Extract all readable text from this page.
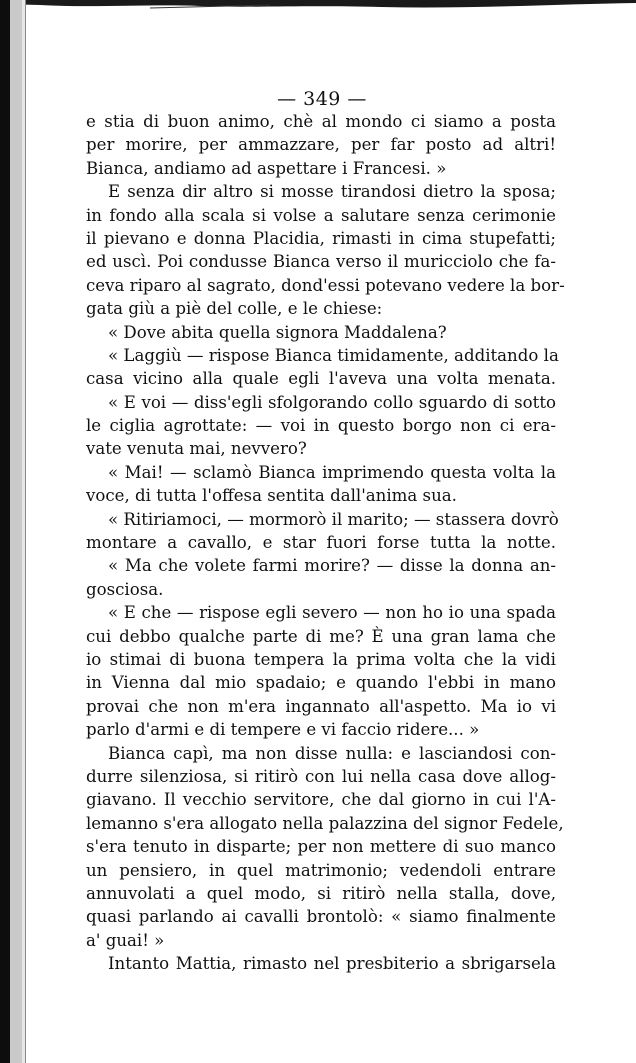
— 349 —
e stia di buon animo, chè al mondo ci siamo a posta
per morire, per ammazzare, per far posto ad altri!
Bianca, andiamo ad aspettare i Francesi. »
E senza dir altro si mosse tirandosi dietro la sposa;
in fondo alla scala si volse a salutare senza cerimonie
il pievano e donna Placidia, rimasti in cima stupefatti;
ed uscì. Poi condusse Bianca verso il muricciolo che fa-
ceva riparo al sagrato, dond'essi potevano vedere la bor-
gata giù a piè del colle, e le chiese:
« Dove abita quella signora Maddalena?
« Laggiù — rispose Bianca timidamente, additando la
casa vicino alla quale egli l'aveva una volta menata.
« E voi — diss'egli sfolgorando collo sguardo di sotto
le ciglia agrottate: — voi in questo borgo non ci era-
vate venuta mai, nevvero?
« Mai! — sclamò Bianca imprimendo questa volta la
voce, di tutta l'offesa sentita dall'anima sua.
« Ritiriamoci, — mormorò il marito; — stassera dovrò
montare a cavallo, e star fuori forse tutta la notte.
« Ma che volete farmi morire? — disse la donna an-
gosciosa.
« E che — rispose egli severo — non ho io una spada
cui debbo qualche parte di me? È una gran lama che
io stimai di buona tempera la prima volta che la vidi
in Vienna dal mio spadaio; e quando l'ebbi in mano
provai che non m'era ingannato all'aspetto. Ma io vi
parlo d'armi e di tempere e vi faccio ridere... »
Bianca capì, ma non disse nulla: e lasciandosi con-
durre silenziosa, si ritirò con lui nella casa dove allog-
giavano. Il vecchio servitore, che dal giorno in cui l'A-
lemanno s'era allogato nella palazzina del signor Fedele,
s'era tenuto in disparte; per non mettere di suo manco
un pensiero, in quel matrimonio; vedendoli entrare
annuvolati a quel modo, si ritirò nella stalla, dove,
quasi parlando ai cavalli brontolò: « siamo finalmente
a' guai! »
Intanto Mattia, rimasto nel presbiterio a sbrigarsela
